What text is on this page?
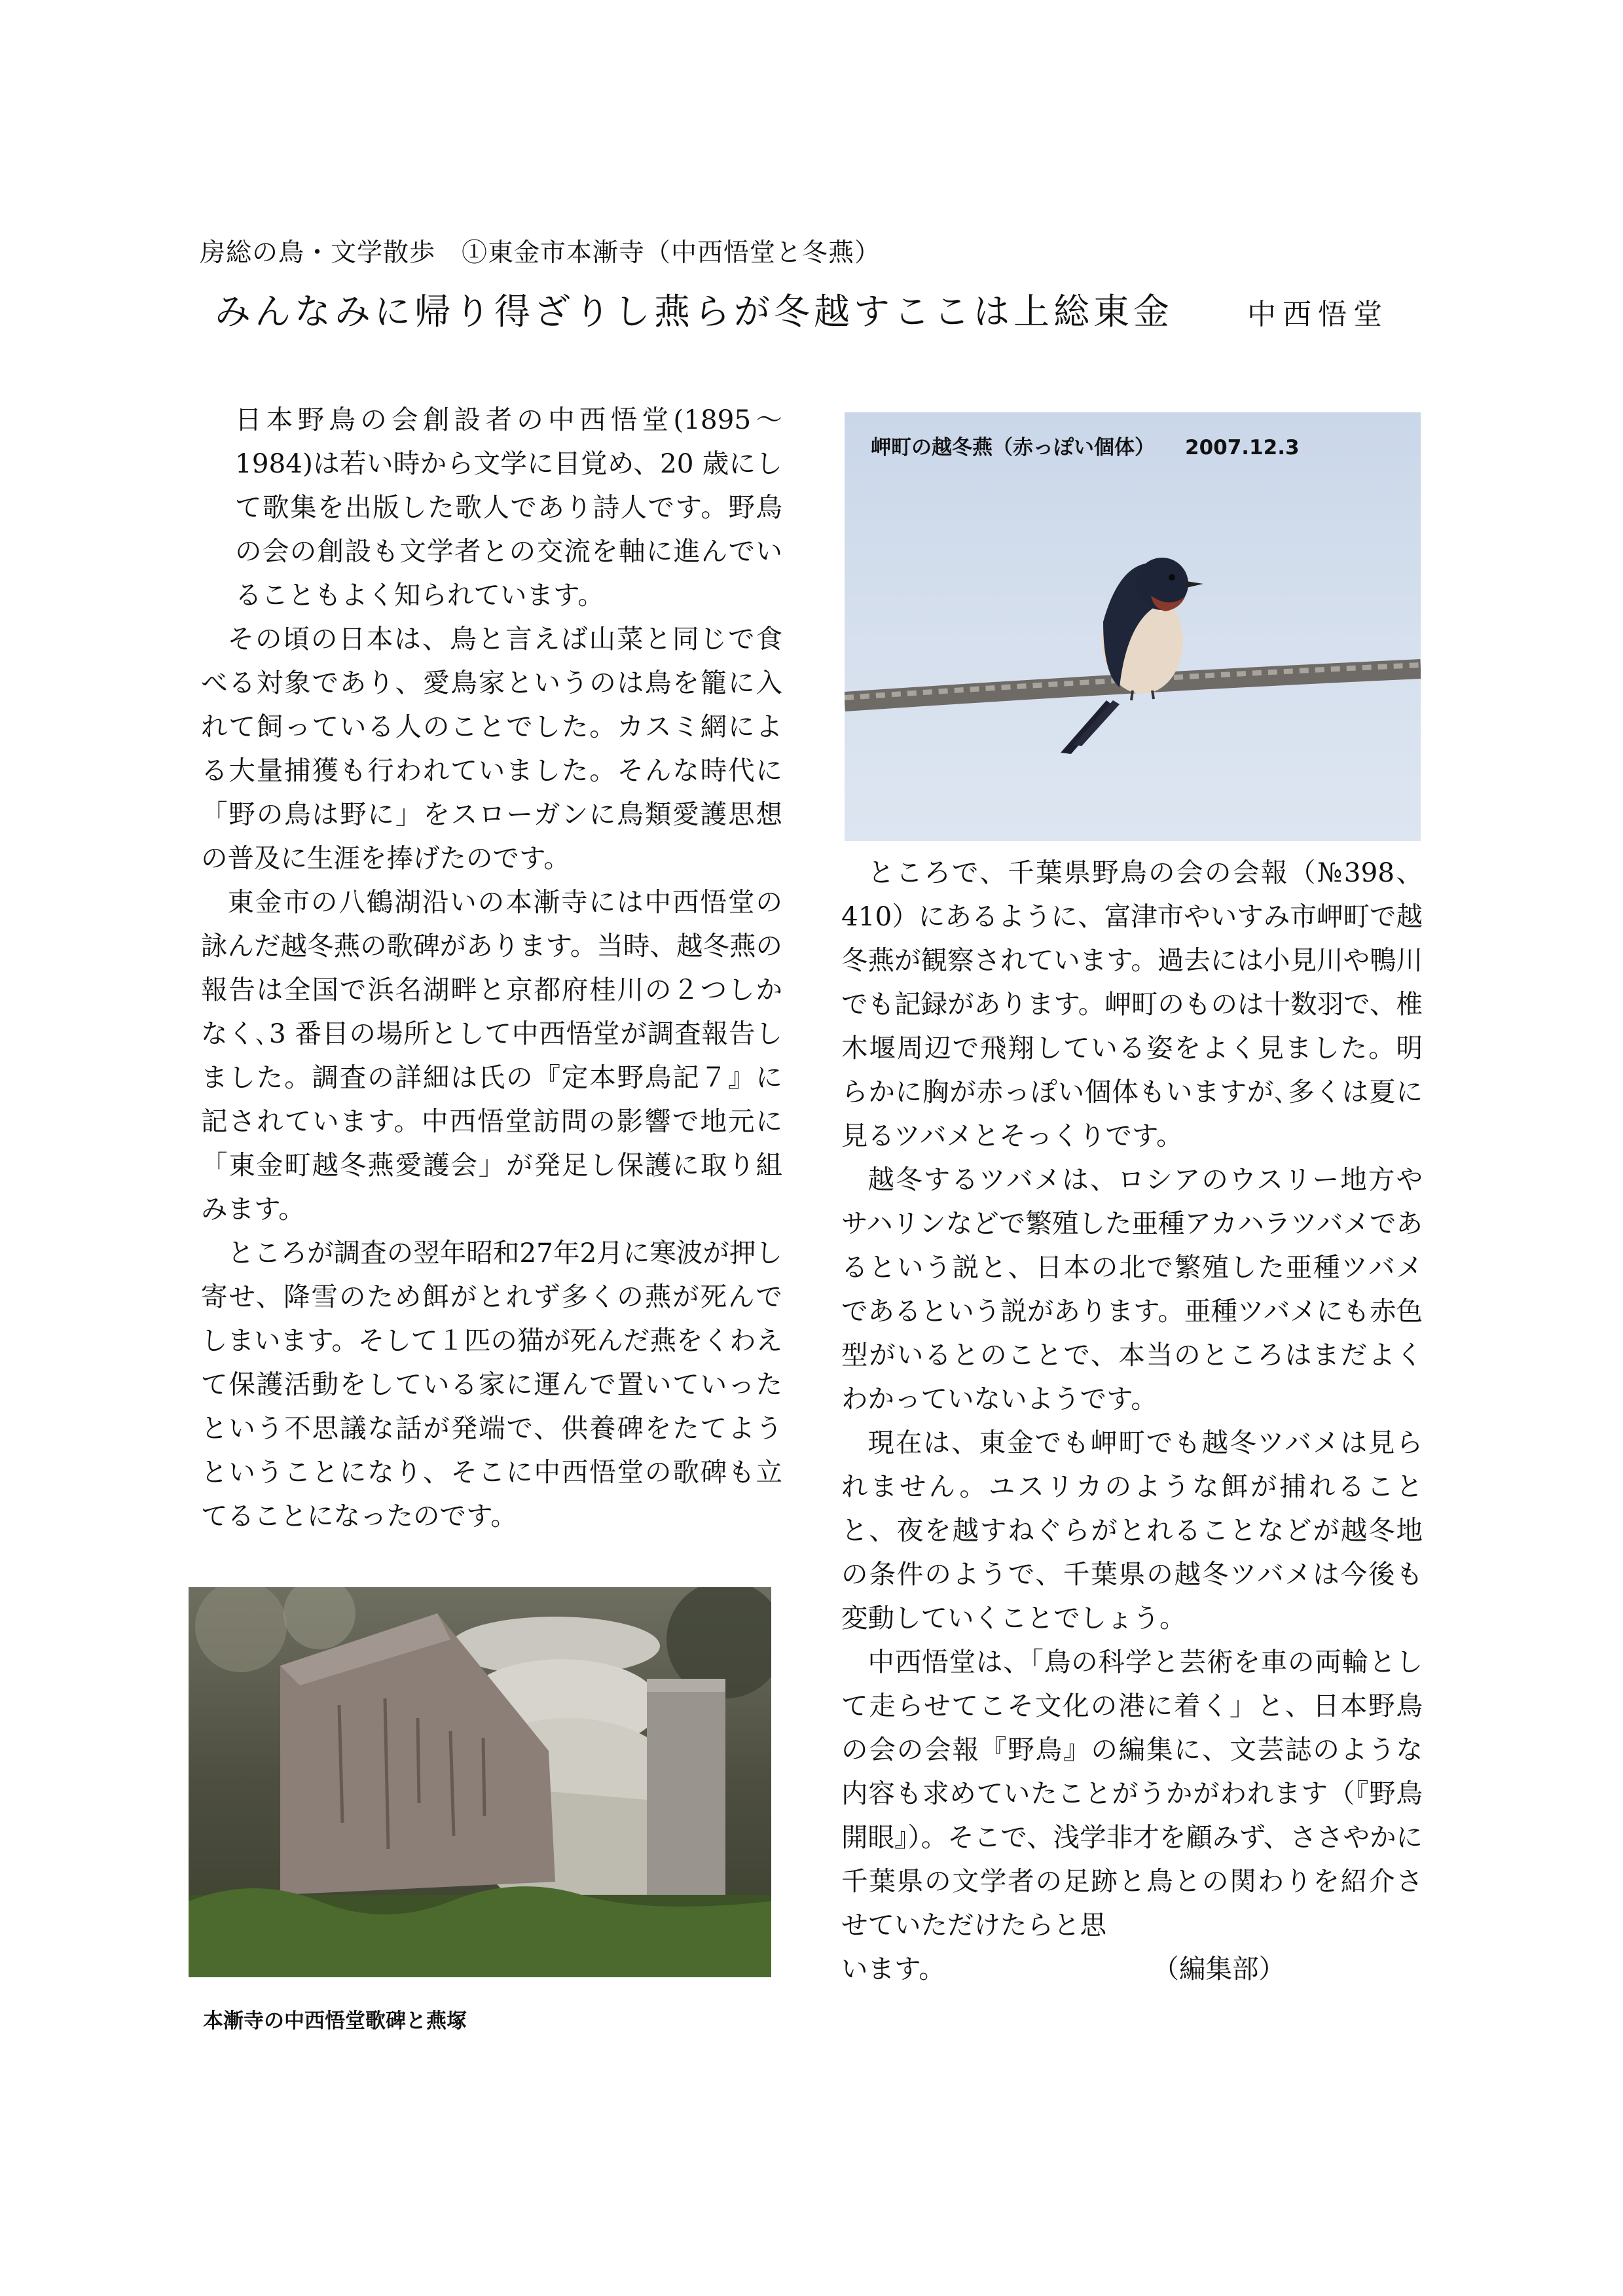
房総の鳥・文学散歩　①東金市本漸寺（中西悟堂と冬燕）
みんなみに帰り得ざりし燕らが冬越すここは上総東金	中西悟堂

日本野鳥の会創設者の中西悟堂(1895～1984)は若い時から文学に目覚め、20 歳にして歌集を出版した歌人であり詩人です。野鳥の会の創設も文学者との交流を軸に進んでいることもよく知られています。

その頃の日本は、鳥と言えば山菜と同じで食べる対象であり、愛鳥家というのは鳥を籠に入れて飼っている人のことでした。カスミ網による大量捕獲も行われていました。そんな時代に「野の鳥は野に」をスローガンに鳥類愛護思想の普及に生涯を捧げたのです。

東金市の八鶴湖沿いの本漸寺には中西悟堂の詠んだ越冬燕の歌碑があります。当時、越冬燕の報告は全国で浜名湖畔と京都府桂川の２つしかなく､3 番目の場所として中西悟堂が調査報告しました。調査の詳細は氏の『定本野鳥記７』に記されています。中西悟堂訪問の影響で地元に「東金町越冬燕愛護会」が発足し保護に取り組みます。

ところが調査の翌年昭和27年2月に寒波が押し寄せ、降雪のため餌がとれず多くの燕が死んでしまいます。そして１匹の猫が死んだ燕をくわえて保護活動をしている家に運んで置いていったという不思議な話が発端で、供養碑をたてようということになり、そこに中西悟堂の歌碑も立てることになったのです。

岬町の越冬燕（赤っぽい個体） 2007.12.3

ところで、千葉県野鳥の会の会報（№398、410）にあるように、富津市やいすみ市岬町で越冬燕が観察されています。過去には小見川や鴨川でも記録があります。岬町のものは十数羽で、椎木堰周辺で飛翔している姿をよく見ました。明らかに胸が赤っぽい個体もいますが､多くは夏に見るツバメとそっくりです。

越冬するツバメは、ロシアのウスリー地方やサハリンなどで繁殖した亜種アカハラツバメであるという説と、日本の北で繁殖した亜種ツバメであるという説があります。亜種ツバメにも赤色型がいるとのことで、本当のところはまだよくわかっていないようです。

現在は、東金でも岬町でも越冬ツバメは見られません。ユスリカのような餌が捕れることと、夜を越すねぐらがとれることなどが越冬地の条件のようで、千葉県の越冬ツバメは今後も変動していくことでしょう。

中西悟堂は、「鳥の科学と芸術を車の両輪として走らせてこそ文化の港に着く」と、日本野鳥の会の会報『野鳥』の編集に、文芸誌のような内容も求めていたことがうかがわれます（『野鳥開眼』）。そこで、浅学非才を顧みず、ささやかに千葉県の文学者の足跡と鳥との関わりを紹介させていただけたらと思

います。	（編集部）
本漸寺の中西悟堂歌碑と燕塚
